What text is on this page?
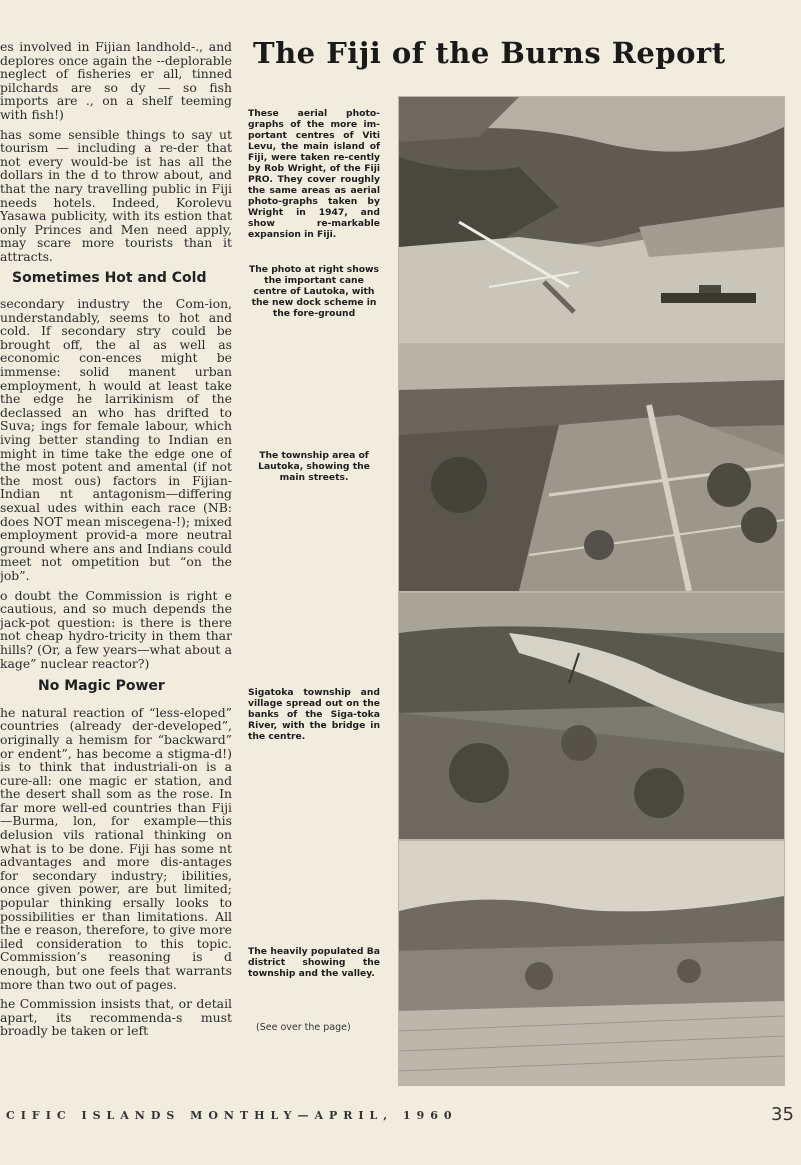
es involved in Fijian landhold-., and deplores once again the --deplorable neglect of fisheries er all, tinned pilchards are so dy — so fish imports are ., on a shelf teeming with fish!)

has some sensible things to say ut tourism — including a re-der that not every would-be ist has all the dollars in the d to throw about, and that the nary travelling public in Fiji needs hotels. Indeed, Korolevu Yasawa publicity, with its estion that only Princes and Men need apply, may scare more tourists than it attracts.

Sometimes Hot and Cold

secondary industry the Com-ion, understandably, seems to hot and cold. If secondary stry could be brought off, the al as well as economic con-ences might be immense: solid manent urban employment, h would at least take the edge he larrikinism of the declassed an who has drifted to Suva; ings for female labour, which iving better standing to Indian en might in time take the edge one of the most potent and amental (if not the most ous) factors in Fijian-Indian nt antagonism—differing sexual udes within each race (NB: does NOT mean miscegena-!); mixed employment provid-a more neutral ground where ans and Indians could meet not ompetition but “on the job”.

o doubt the Commission is right e cautious, and so much depends the jack-pot question: is there is there not cheap hydro-tricity in them thar hills? (Or, a few years—what about a kage” nuclear reactor?)

No Magic Power

he natural reaction of “less-eloped” countries (already der-developed”, originally a hemism for “backward” or endent”, has become a stigma-d!) is to think that industriali-on is a cure-all: one magic er station, and the desert shall som as the rose. In far more well-ed countries than Fiji—Burma, lon, for example—this delusion vils rational thinking on what is to be done. Fiji has some nt advantages and more dis-antages for secondary industry; ibilities, once given power, are but limited; popular thinking ersally looks to possibilities er than limitations. All the e reason, therefore, to give more iled consideration to this topic. Commission’s reasoning is d enough, but one feels that warrants more than two out of pages.

he Commission insists that, or detail apart, its recommenda-s must broadly be taken or left

The Fiji of the Burns Report
These aerial photo-graphs of the more im-portant centres of Viti Levu, the main island of Fiji, were taken re-cently by Rob Wright, of the Fiji PRO. They cover roughly the same areas as aerial photo-graphs taken by Wright in 1947, and show re-markable expansion in Fiji.
The photo at right shows the important cane centre of Lautoka, with the new dock scheme in the fore-ground
The township area of Lautoka, showing the main streets.
Sigatoka township and village spread out on the banks of the Siga-toka River, with the bridge in the centre.
The heavily populated Ba district showing the township and the valley.
(See over the page)
CIFIC ISLANDS MONTHLY—APRIL, 1960	35
